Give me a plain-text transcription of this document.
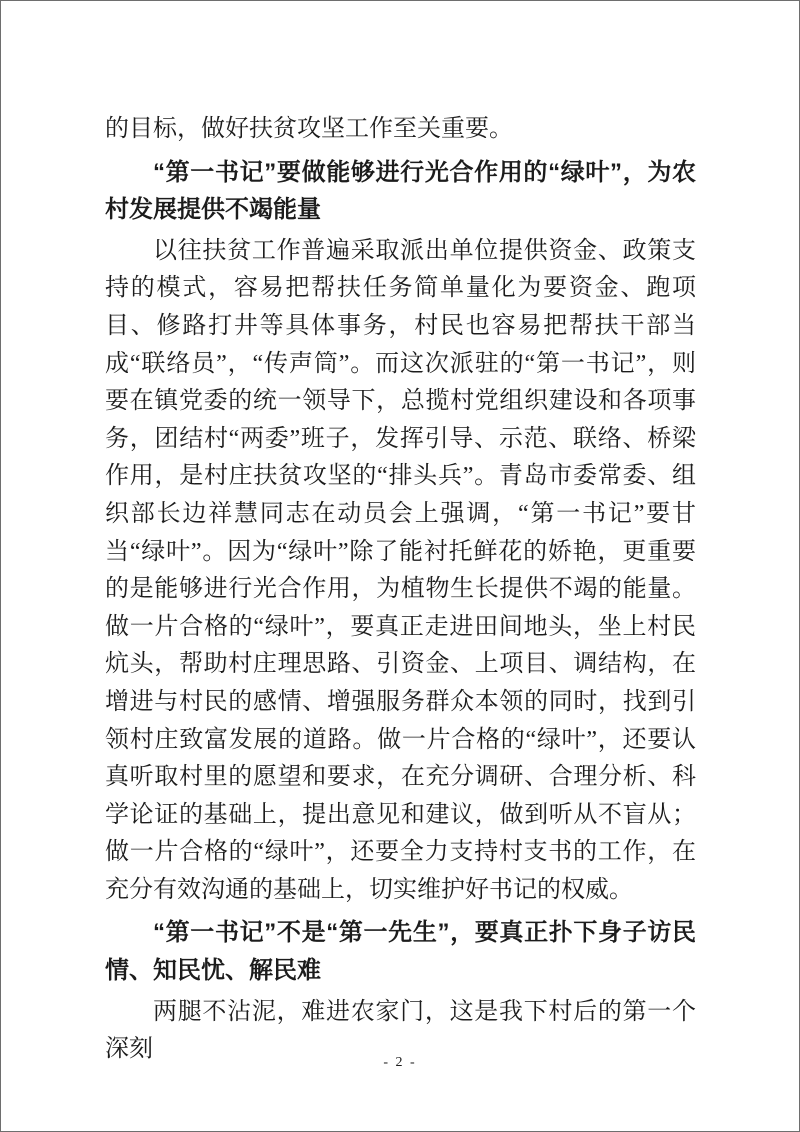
的目标，做好扶贫攻坚工作至关重要。

“第一书记”要做能够进行光合作用的“绿叶”，为农村发展提供不竭能量

以往扶贫工作普遍采取派出单位提供资金、政策支持的模式，容易把帮扶任务简单量化为要资金、跑项目、修路打井等具体事务，村民也容易把帮扶干部当成“联络员”，“传声筒”。而这次派驻的“第一书记”，则要在镇党委的统一领导下，总揽村党组织建设和各项事务，团结村“两委”班子，发挥引导、示范、联络、桥梁作用，是村庄扶贫攻坚的“排头兵”。青岛市委常委、组织部长边祥慧同志在动员会上强调，“第一书记”要甘当“绿叶”。因为“绿叶”除了能衬托鲜花的娇艳，更重要的是能够进行光合作用，为植物生长提供不竭的能量。做一片合格的“绿叶”，要真正走进田间地头，坐上村民炕头，帮助村庄理思路、引资金、上项目、调结构，在增进与村民的感情、增强服务群众本领的同时，找到引领村庄致富发展的道路。做一片合格的“绿叶”，还要认真听取村里的愿望和要求，在充分调研、合理分析、科学论证的基础上，提出意见和建议，做到听从不盲从；做一片合格的“绿叶”，还要全力支持村支书的工作，在充分有效沟通的基础上，切实维护好书记的权威。

“第一书记”不是“第一先生”，要真正扑下身子访民情、知民忧、解民难

两腿不沾泥，难进农家门，这是我下村后的第一个深刻

- 2 -
